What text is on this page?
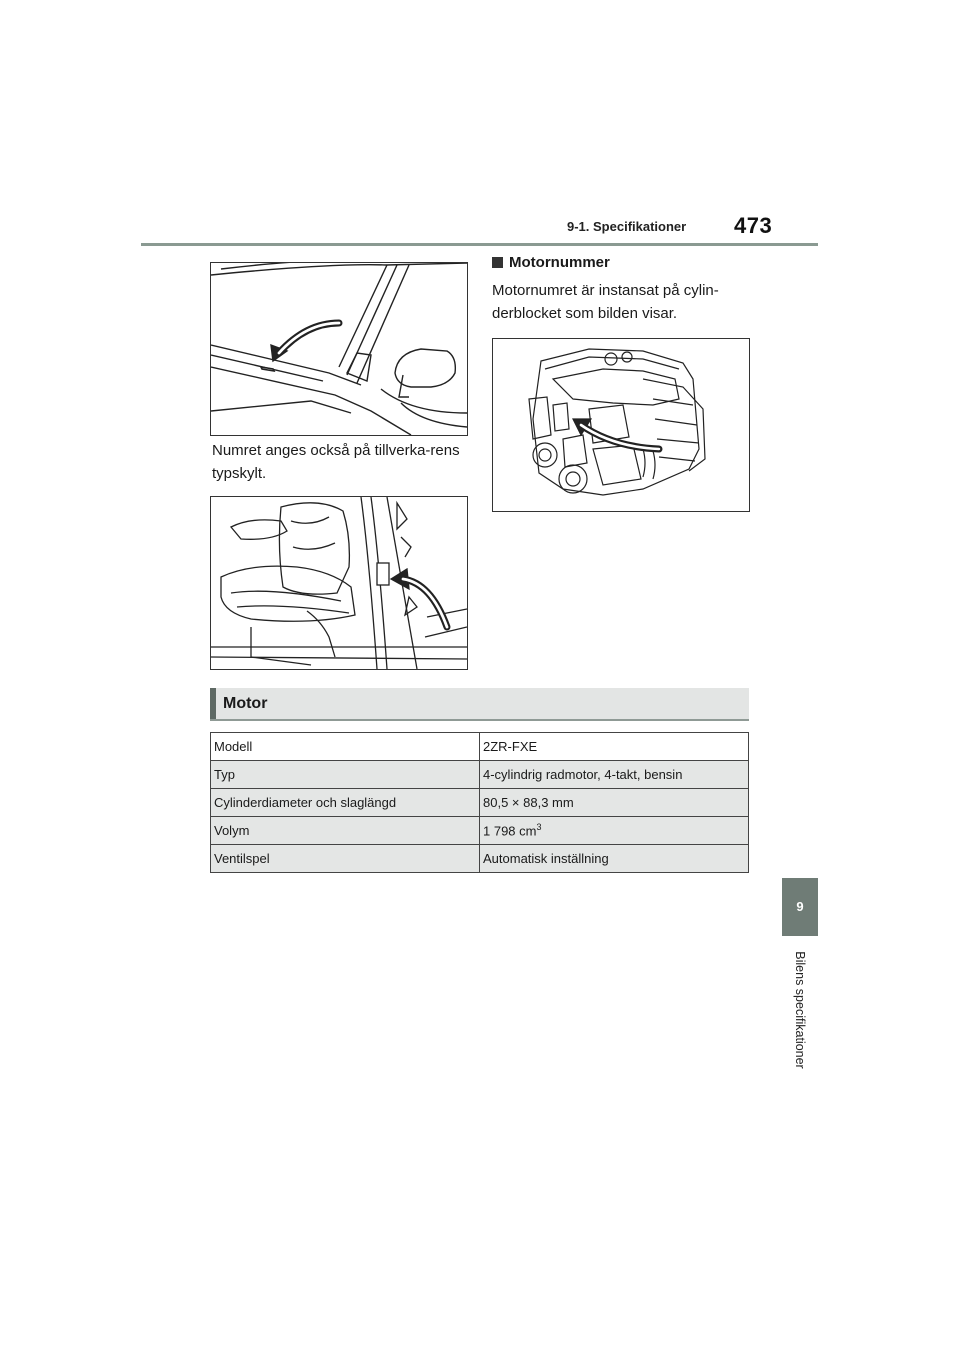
9-1. Specifikationer 473
9
Bilens specifikationer
Numret anges också på tillverka-rens typskylt.
Motornummer
Motornumret är instansat på cylin-derblocket som bilden visar.
Motor
Modell	2ZR-FXE
Typ	4-cylindrig radmotor, 4-takt, bensin
Cylinderdiameter och slaglängd	80,5 × 88,3 mm
Volym	1 798 $cm^3$
Ventilspel	Automatisk inställning
